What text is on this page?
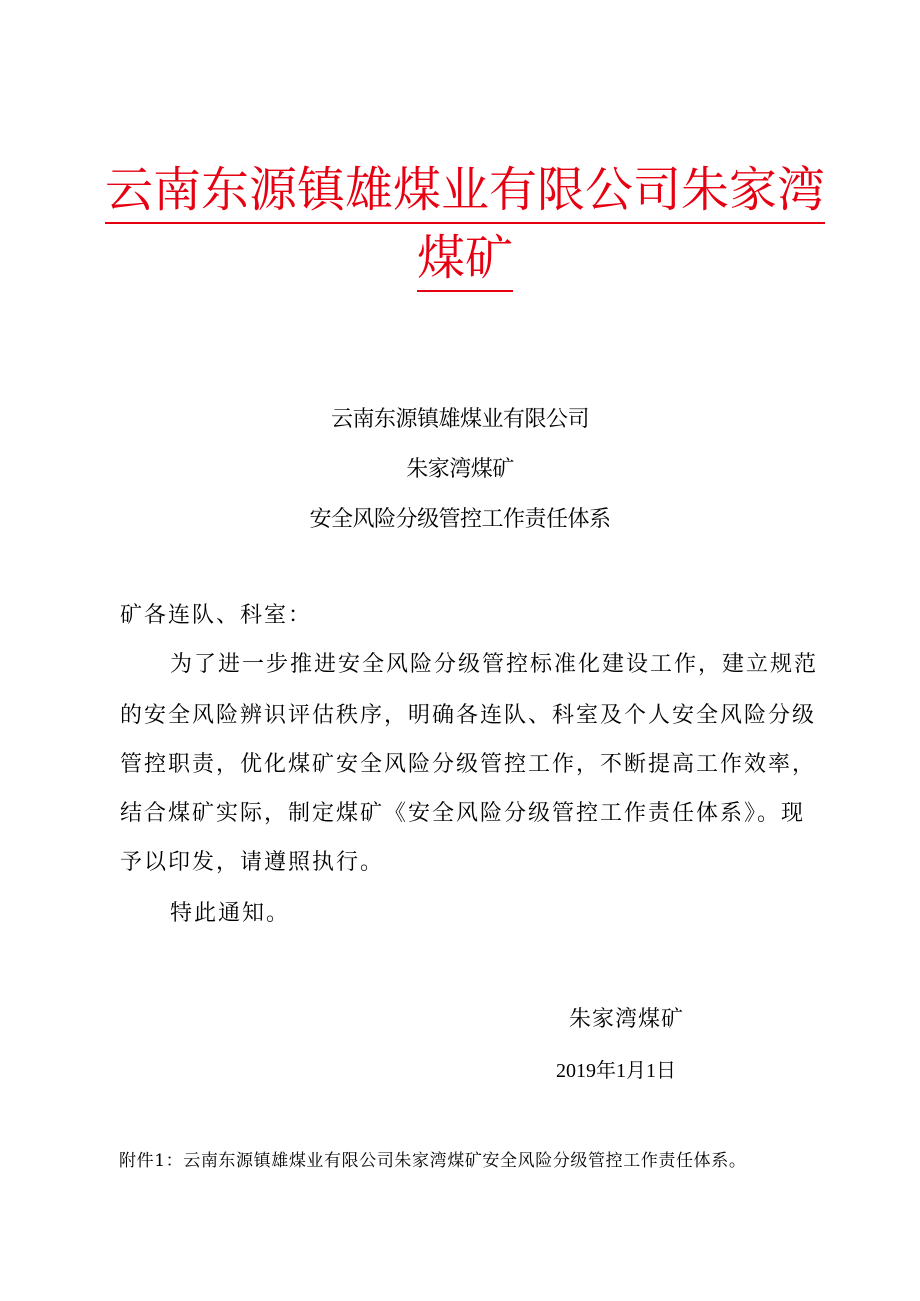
云南东源镇雄煤业有限公司朱家湾
煤矿
云南东源镇雄煤业有限公司
朱家湾煤矿
安全风险分级管控工作责任体系
矿各连队、科室：
为了进一步推进安全风险分级管控标准化建设工作，建立规范
的安全风险辨识评估秩序，明确各连队、科室及个人安全风险分级
管控职责，优化煤矿安全风险分级管控工作，不断提高工作效率，
结合煤矿实际，制定煤矿《安全风险分级管控工作责任体系》。现
予以印发，请遵照执行。
特此通知。
朱家湾煤矿
2019年1月1日
附件1：云南东源镇雄煤业有限公司朱家湾煤矿安全风险分级管控工作责任体系。
